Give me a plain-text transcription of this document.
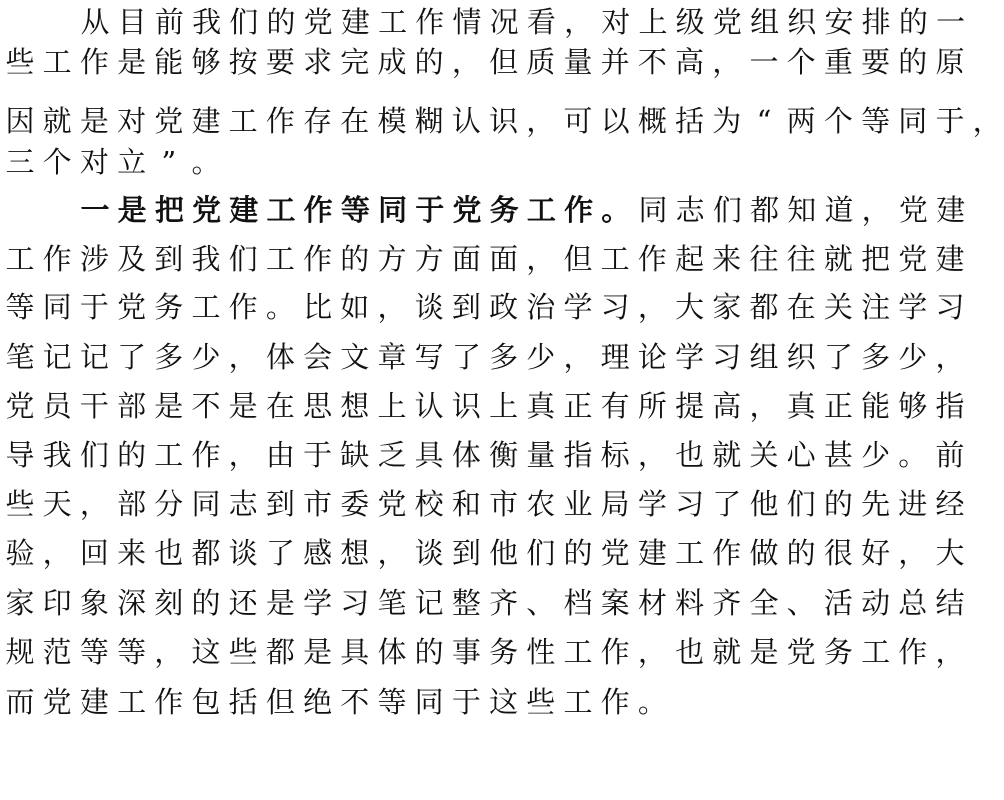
从 目 前 我 们 的 党 建 工 作 情 况 看 ， 对 上 级 党 组 织 安 排 的 一
些 工 作 是 能 够 按 要 求 完 成 的 ， 但 质 量 并 不 高 ， 一 个 重 要 的 原
因 就 是 对 党 建 工 作 存 在 模 糊 认 识 ， 可 以 概 括 为 “ 两 个 等 同 于 ，
三 个 对 立 ” 。
一 是 把 党 建 工 作 等 同 于 党 务 工 作 。 同 志 们 都 知 道 ， 党 建
工 作 涉 及 到 我 们 工 作 的 方 方 面 面 ， 但 工 作 起 来 往 往 就 把 党 建
等 同 于 党 务 工 作 。 比 如 ， 谈 到 政 治 学 习 ， 大 家 都 在 关 注 学 习
笔 记 记 了 多 少 ， 体 会 文 章 写 了 多 少 ， 理 论 学 习 组 织 了 多 少 ，
党 员 干 部 是 不 是 在 思 想 上 认 识 上 真 正 有 所 提 高 ， 真 正 能 够 指
导 我 们 的 工 作 ， 由 于 缺 乏 具 体 衡 量 指 标 ， 也 就 关 心 甚 少 。 前
些 天 ， 部 分 同 志 到 市 委 党 校 和 市 农 业 局 学 习 了 他 们 的 先 进 经
验 ， 回 来 也 都 谈 了 感 想 ， 谈 到 他 们 的 党 建 工 作 做 的 很 好 ， 大
家 印 象 深 刻 的 还 是 学 习 笔 记 整 齐 、 档 案 材 料 齐 全 、 活 动 总 结
规 范 等 等 ， 这 些 都 是 具 体 的 事 务 性 工 作 ， 也 就 是 党 务 工 作 ，
而 党 建 工 作 包 括 但 绝 不 等 同 于 这 些 工 作 。
